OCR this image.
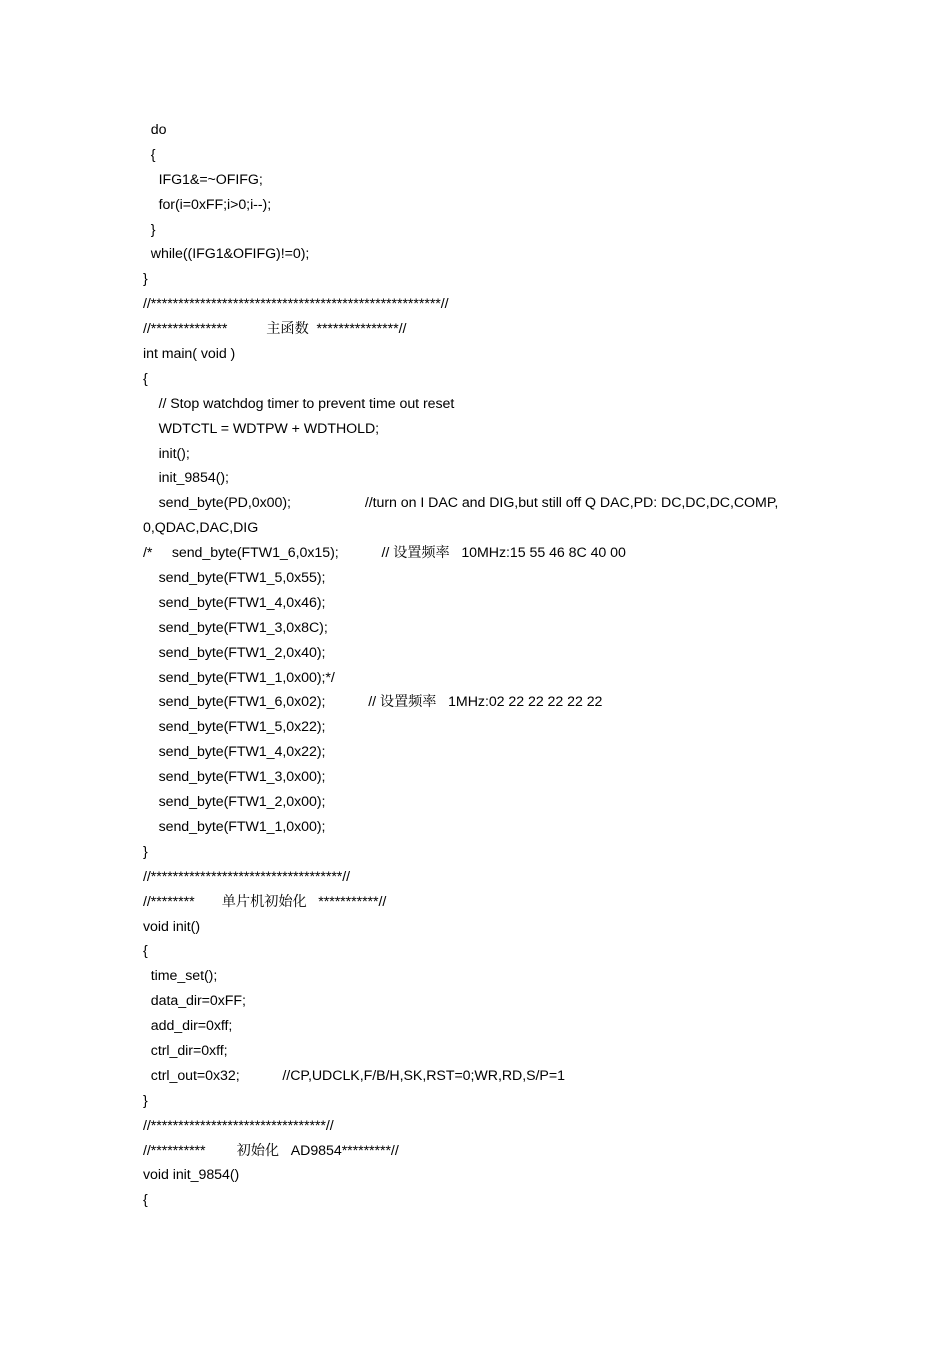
do
{
IFG1&=~OFIFG;
for(i=0xFF;i>0;i--);
}
while((IFG1&OFIFG)!=0);
}
//*****************************************************//
//**************          主函数  ***************//
int main( void )
{
// Stop watchdog timer to prevent time out reset
WDTCTL = WDTPW + WDTHOLD;
init();
init_9854();
send_byte(PD,0x00);                   //turn on I DAC and DIG,but still off Q DAC,PD: DC,DC,DC,COMP,
0,QDAC,DAC,DIG
/*     send_byte(FTW1_6,0x15);           // 设置频率   10MHz:15 55 46 8C 40 00
send_byte(FTW1_5,0x55);
send_byte(FTW1_4,0x46);
send_byte(FTW1_3,0x8C);
send_byte(FTW1_2,0x40);
send_byte(FTW1_1,0x00);*/
send_byte(FTW1_6,0x02);           // 设置频率   1MHz:02 22 22 22 22 22
send_byte(FTW1_5,0x22);
send_byte(FTW1_4,0x22);
send_byte(FTW1_3,0x00);
send_byte(FTW1_2,0x00);
send_byte(FTW1_1,0x00);
}
//***********************************//
//********       单片机初始化   ***********//
void init()
{
time_set();
data_dir=0xFF;
add_dir=0xff;
ctrl_dir=0xff;
ctrl_out=0x32;           //CP,UDCLK,F/B/H,SK,RST=0;WR,RD,S/P=1
}
//********************************//
//**********        初始化   AD9854*********//
void init_9854()
{
